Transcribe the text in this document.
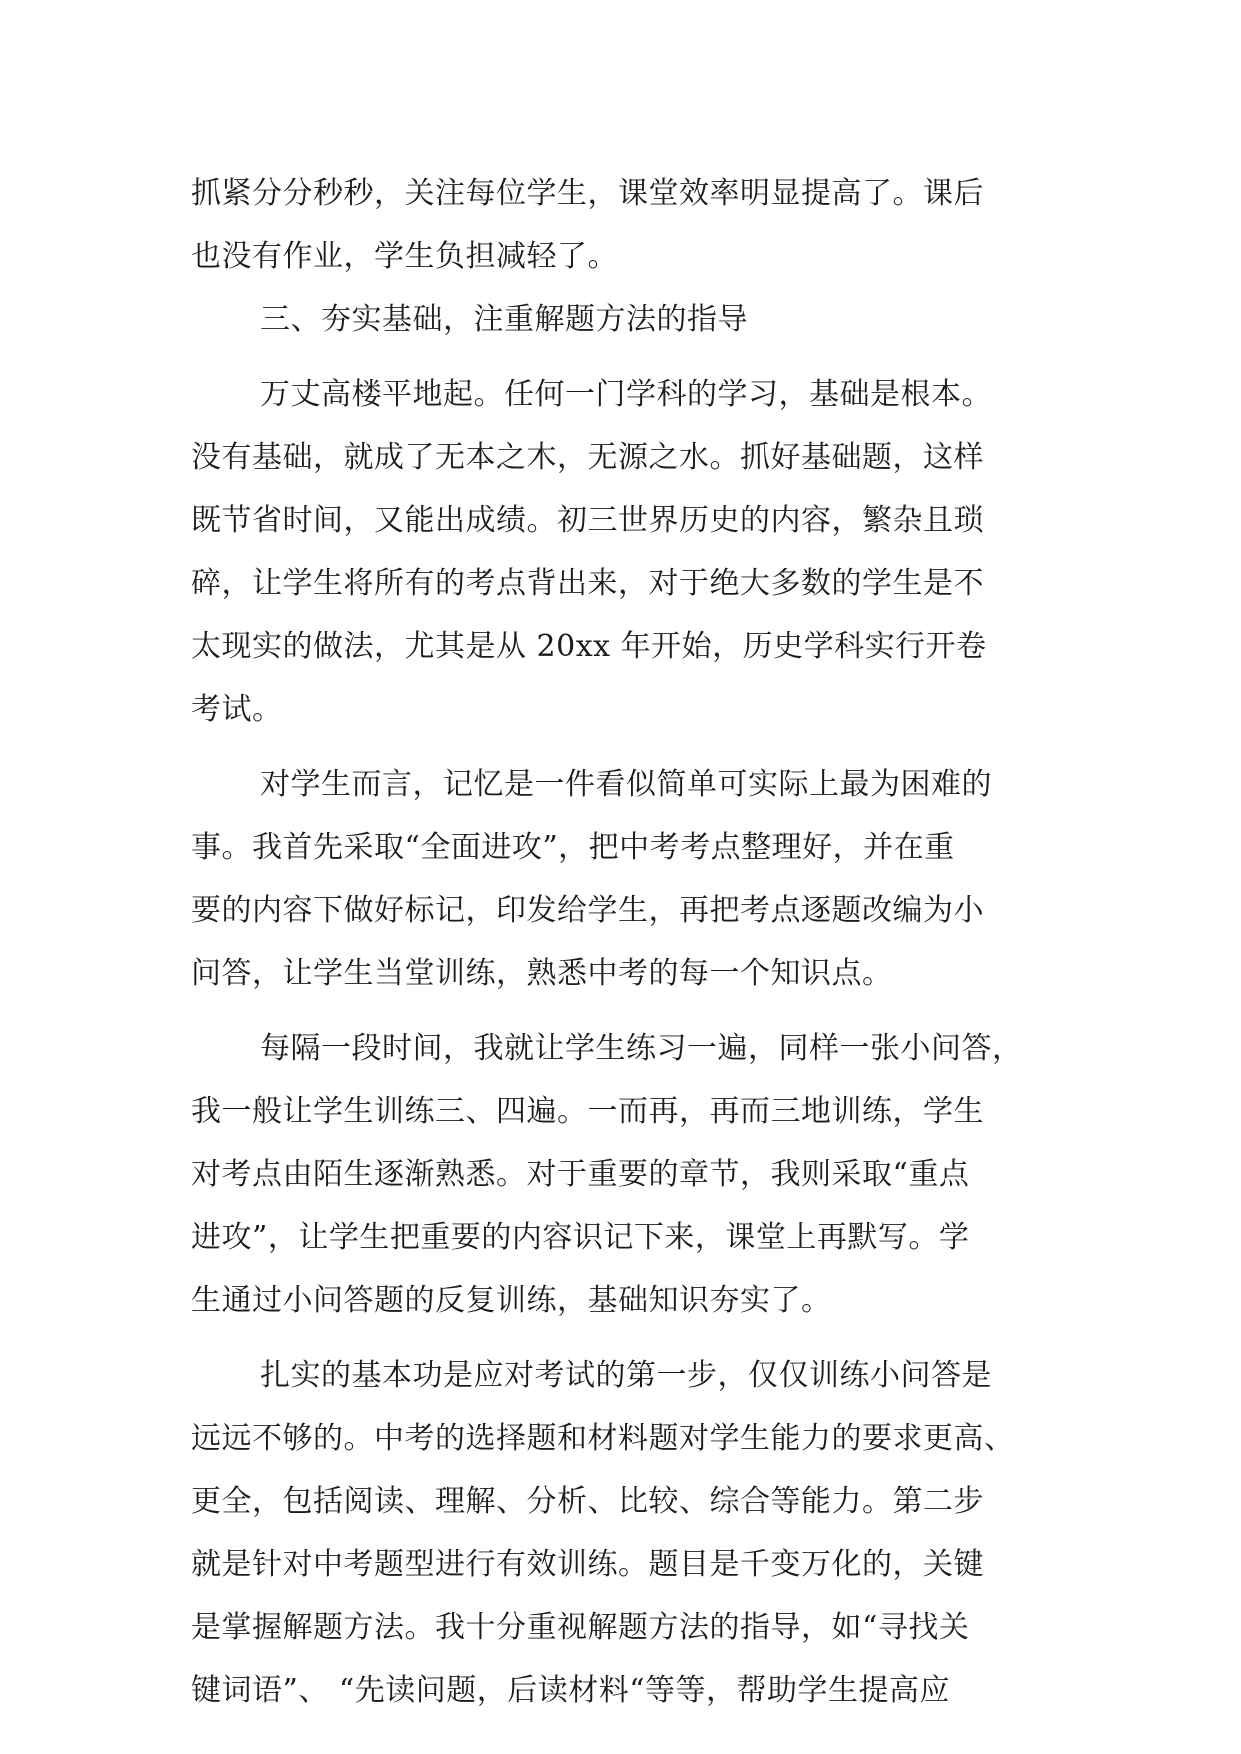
抓紧分分秒秒，关注每位学生，课堂效率明显提高了。课后
也没有作业，学生负担减轻了。
三、夯实基础，注重解题方法的指导
万丈高楼平地起。任何一门学科的学习，基础是根本。
没有基础，就成了无本之木，无源之水。抓好基础题，这样
既节省时间，又能出成绩。初三世界历史的内容，繁杂且琐
碎，让学生将所有的考点背出来，对于绝大多数的学生是不
太现实的做法，尤其是从 20xx 年开始，历史学科实行开卷
考试。
对学生而言，记忆是一件看似简单可实际上最为困难的
事。我首先采取“全面进攻”，把中考考点整理好，并在重
要的内容下做好标记，印发给学生，再把考点逐题改编为小
问答，让学生当堂训练，熟悉中考的每一个知识点。
每隔一段时间，我就让学生练习一遍，同样一张小问答，
我一般让学生训练三、四遍。一而再，再而三地训练，学生
对考点由陌生逐渐熟悉。对于重要的章节，我则采取“重点
进攻”，让学生把重要的内容识记下来，课堂上再默写。学
生通过小问答题的反复训练，基础知识夯实了。
扎实的基本功是应对考试的第一步，仅仅训练小问答是
远远不够的。中考的选择题和材料题对学生能力的要求更高、
更全，包括阅读、理解、分析、比较、综合等能力。第二步
就是针对中考题型进行有效训练。题目是千变万化的，关键
是掌握解题方法。我十分重视解题方法的指导，如“寻找关
键词语”、 “先读问题，后读材料“等等，帮助学生提高应
